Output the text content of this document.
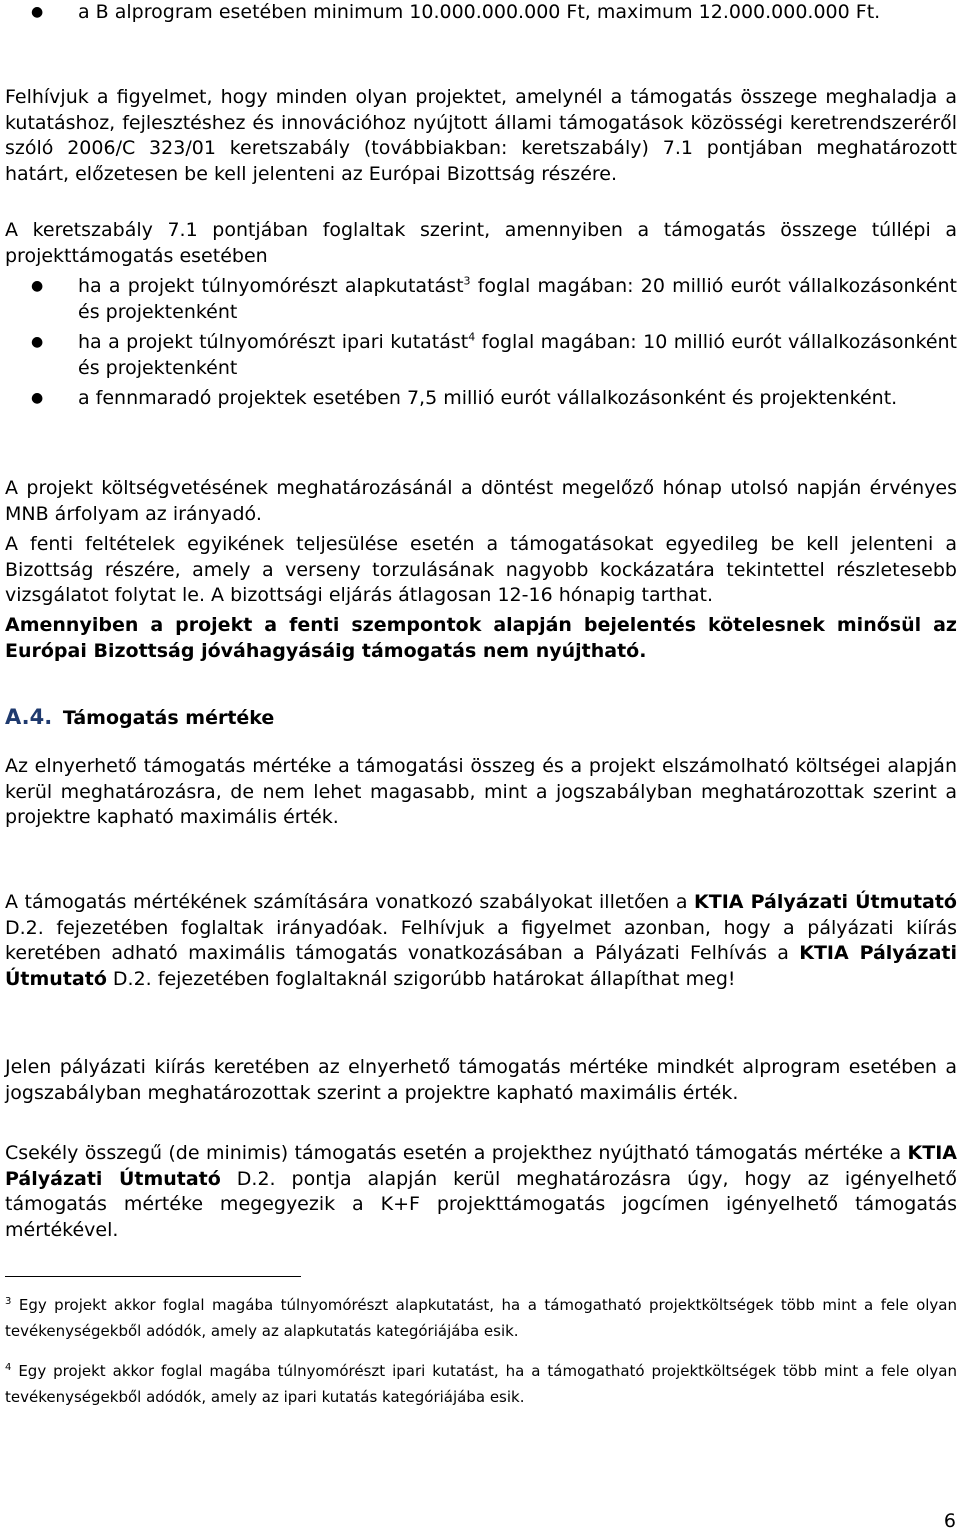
● a B alprogram esetében minimum 10.000.000.000 Ft, maximum 12.000.000.000 Ft.

Felhívjuk a figyelmet, hogy minden olyan projektet, amelynél a támogatás összege meghaladja a kutatáshoz, fejlesztéshez és innovációhoz nyújtott állami támogatások közösségi keretrendszeréről szóló 2006/C 323/01 keretszabály (továbbiakban: keretszabály) 7.1 pontjában meghatározott határt, előzetesen be kell jelenteni az Európai Bizottság részére.

A keretszabály 7.1 pontjában foglaltak szerint, amennyiben a támogatás összege túllépi a projekttámogatás esetében

● ha a projekt túlnyomórészt alapkutatást$^3$ foglal magában: 20 millió eurót vállalkozásonként és projektenként

● ha a projekt túlnyomórészt ipari kutatást$^4$ foglal magában: 10 millió eurót vállalkozásonként és projektenként

● a fennmaradó projektek esetében 7,5 millió eurót vállalkozásonként és projektenként.

A projekt költségvetésének meghatározásánál a döntést megelőző hónap utolsó napján érvényes MNB árfolyam az irányadó.

A fenti feltételek egyikének teljesülése esetén a támogatásokat egyedileg be kell jelenteni a Bizottság részére, amely a verseny torzulásának nagyobb kockázatára tekintettel részletesebb vizsgálatot folytat le. A bizottsági eljárás átlagosan 12-16 hónapig tarthat.

Amennyiben a projekt a fenti szempontok alapján bejelentés kötelesnek minősül az Európai Bizottság jóváhagyásáig támogatás nem nyújtható.

A.4. Támogatás mértéke

Az elnyerhető támogatás mértéke a támogatási összeg és a projekt elszámolható költségei alapján kerül meghatározásra, de nem lehet magasabb, mint a jogszabályban meghatározottak szerint a projektre kapható maximális érték.

A támogatás mértékének számítására vonatkozó szabályokat illetően a KTIA Pályázati Útmutató D.2. fejezetében foglaltak irányadóak. Felhívjuk a figyelmet azonban, hogy a pályázati kiírás keretében adható maximális támogatás vonatkozásában a Pályázati Felhívás a KTIA Pályázati Útmutató D.2. fejezetében foglaltaknál szigorúbb határokat állapíthat meg!

Jelen pályázati kiírás keretében az elnyerhető támogatás mértéke mindkét alprogram esetében a jogszabályban meghatározottak szerint a projektre kapható maximális érték.

Csekély összegű (de minimis) támogatás esetén a projekthez nyújtható támogatás mértéke a KTIA Pályázati Útmutató D.2. pontja alapján kerül meghatározásra úgy, hogy az igényelhető támogatás mértéke megegyezik a K+F projekttámogatás jogcímen igényelhető támogatás mértékével.

$^3$ Egy projekt akkor foglal magába túlnyomórészt alapkutatást, ha a támogatható projektköltségek több mint a fele olyan tevékenységekből adódók, amely az alapkutatás kategóriájába esik.

$^4$ Egy projekt akkor foglal magába túlnyomórészt ipari kutatást, ha a támogatható projektköltségek több mint a fele olyan tevékenységekből adódók, amely az ipari kutatás kategóriájába esik.

6
